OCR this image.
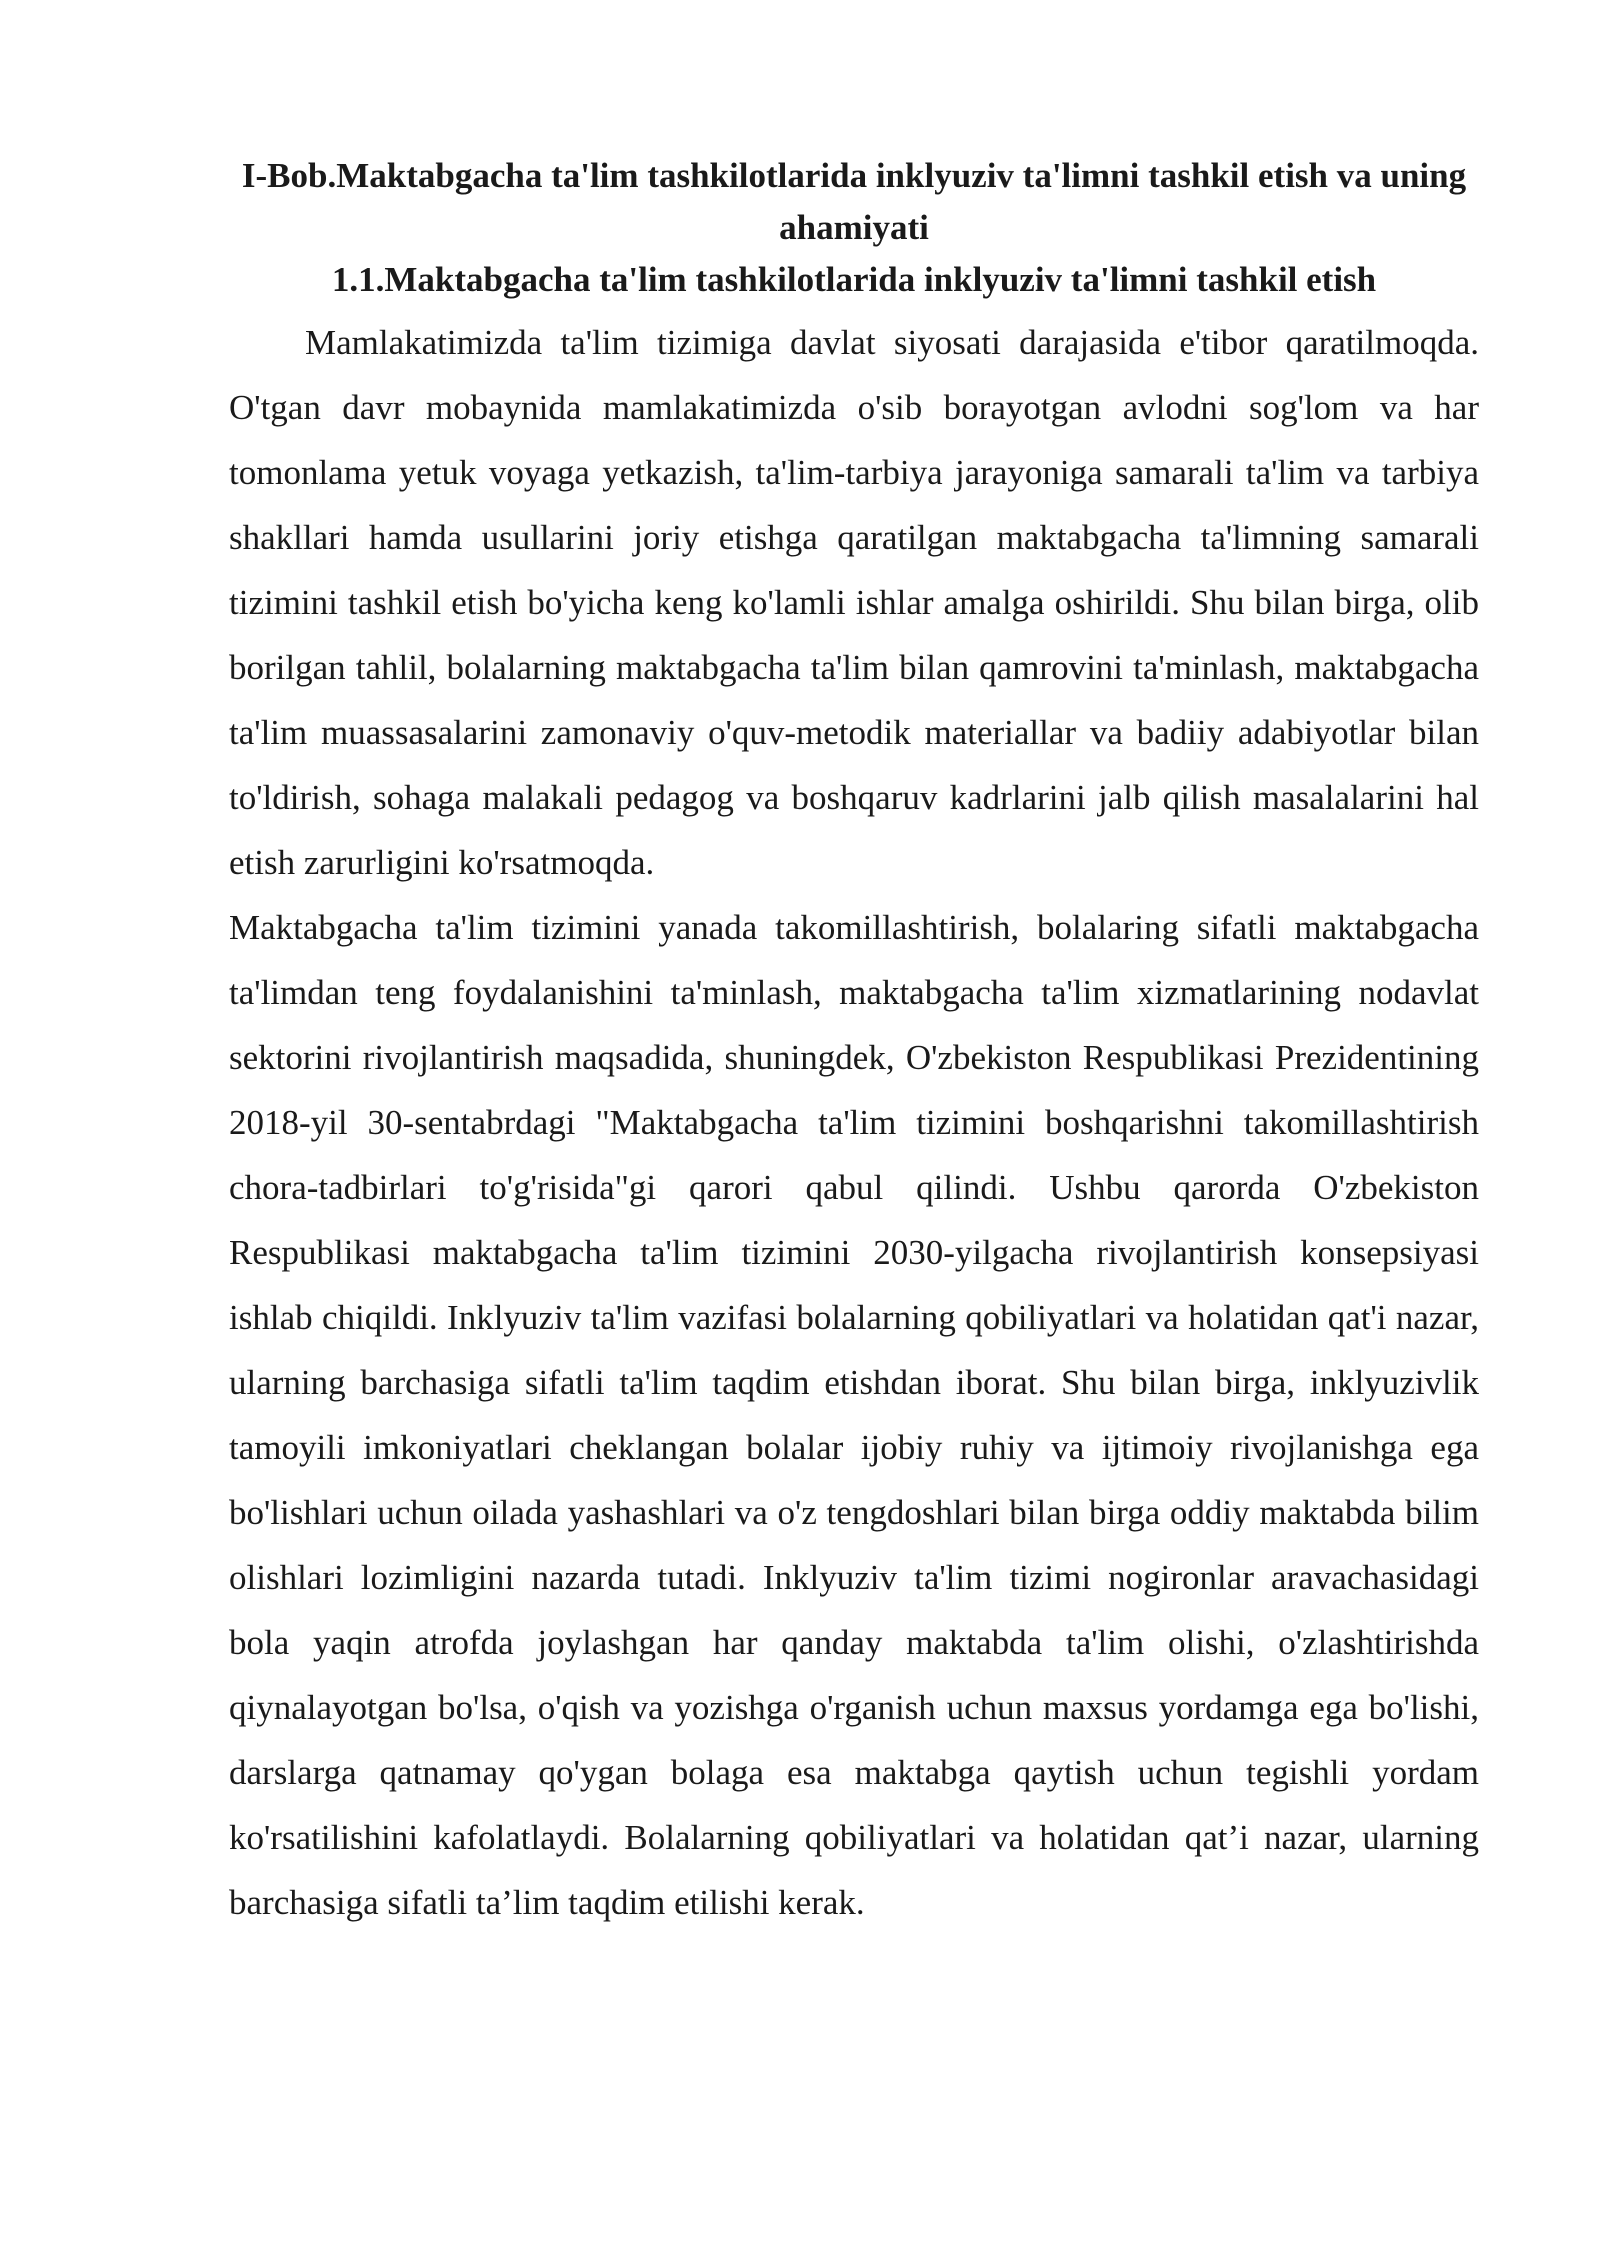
I-Bob.Maktabgacha ta'lim tashkilotlarida inklyuziv ta'limni tashkil etish va uning ahamiyati
1.1.Maktabgacha ta'lim tashkilotlarida inklyuziv ta'limni tashkil etish

Mamlakatimizda ta'lim tizimiga davlat siyosati darajasida e'tibor qaratilmoqda. O'tgan davr mobaynida mamlakatimizda o'sib borayotgan avlodni sog'lom va har tomonlama yetuk voyaga yetkazish, ta'lim-tarbiya jarayoniga samarali ta'lim va tarbiya shakllari hamda usullarini joriy etishga qaratilgan maktabgacha ta'limning samarali tizimini tashkil etish bo'yicha keng ko'lamli ishlar amalga oshirildi. Shu bilan birga, olib borilgan tahlil, bolalarning maktabgacha ta'lim bilan qamrovini ta'minlash, maktabgacha ta'lim muassasalarini zamonaviy o'quv-metodik materiallar va badiiy adabiyotlar bilan to'ldirish, sohaga malakali pedagog va boshqaruv kadrlarini jalb qilish masalalarini hal etish zarurligini ko'rsatmoqda.

Maktabgacha ta'lim tizimini yanada takomillashtirish, bolalaring sifatli maktabgacha ta'limdan teng foydalanishini ta'minlash, maktabgacha ta'lim xizmatlarining nodavlat sektorini rivojlantirish maqsadida, shuningdek, O'zbekiston Respublikasi Prezidentining 2018-yil 30-sentabrdagi "Maktabgacha ta'lim tizimini boshqarishni takomillashtirish chora-tadbirlari to'g'risida"gi qarori qabul qilindi. Ushbu qarorda O'zbekiston Respublikasi maktabgacha ta'lim tizimini 2030-yilgacha rivojlantirish konsepsiyasi ishlab chiqildi. Inklyuziv ta'lim vazifasi bolalarning qobiliyatlari va holatidan qat'i nazar, ularning barchasiga sifatli ta'lim taqdim etishdan iborat. Shu bilan birga, inklyuzivlik tamoyili imkoniyatlari cheklangan bolalar ijobiy ruhiy va ijtimoiy rivojlanishga ega bo'lishlari uchun oilada yashashlari va o'z tengdoshlari bilan birga oddiy maktabda bilim olishlari lozimligini nazarda tutadi. Inklyuziv ta'lim tizimi nogironlar aravachasidagi bola yaqin atrofda joylashgan har qanday maktabda ta'lim olishi, o'zlashtirishda qiynalayotgan bo'lsa, o'qish va yozishga o'rganish uchun maxsus yordamga ega bo'lishi, darslarga qatnamay qo'ygan bolaga esa maktabga qaytish uchun tegishli yordam ko'rsatilishini kafolatlaydi. Bolalarning qobiliyatlari va holatidan qat’i nazar, ularning barchasiga sifatli ta’lim taqdim etilishi kerak.
